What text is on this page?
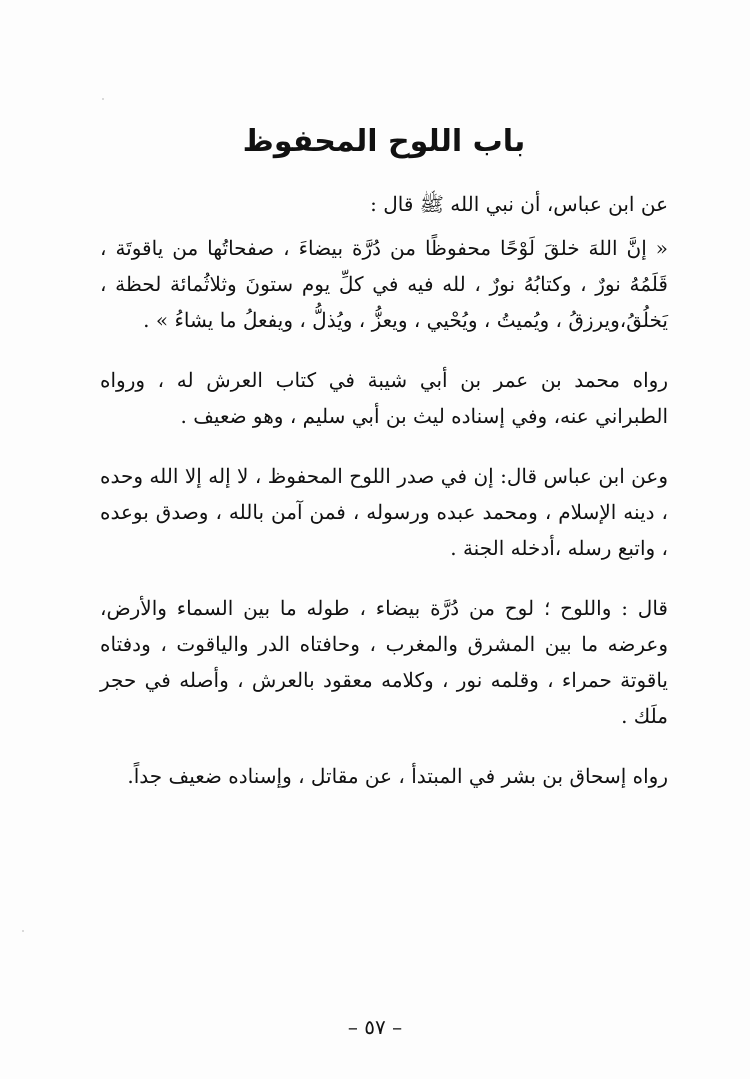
باب اللوح المحفوظ

عن ابن عباس، أن نبي الله ﷺ قال :

« إنَّ اللهَ خلقَ لَوْحًا محفوظًا من دُرَّة بيضاءَ ، صفحاتُها من ياقوتَة ، قَلَمُهُ نورٌ ، وكتابُهُ نورٌ ، لله فيه في كلِّ يوم ستونَ وثلاثُمائة لحظة ، يَخلُقُ،ويرزقُ ، ويُميتُ ، ويُحْيي ، ويعزُّ ، ويُذلُّ ، ويفعلُ ما يشاءُ » .

رواه محمد بن عمر بن أبي شيبة في كتاب العرش له ، ورواه الطبراني عنه، وفي إسناده ليث بن أبي سليم ، وهو ضعيف .

وعن ابن عباس قال: إن في صدر اللوح المحفوظ ، لا إله إلا الله وحده ، دينه الإسلام ، ومحمد عبده ورسوله ، فمن آمن بالله ، وصدق بوعده ، واتبع رسله ،أدخله الجنة .

قال : واللوح ؛ لوح من دُرَّة بيضاء ، طوله ما بين السماء والأرض، وعرضه ما بين المشرق والمغرب ، وحافتاه الدر والياقوت ، ودفتاه ياقوتة حمراء ، وقلمه نور ، وكلامه معقود بالعرش ، وأصله في حجر ملَك .

رواه إسحاق بن بشر في المبتدأ ، عن مقاتل ، وإسناده ضعيف جداً.

– ٥٧ –
